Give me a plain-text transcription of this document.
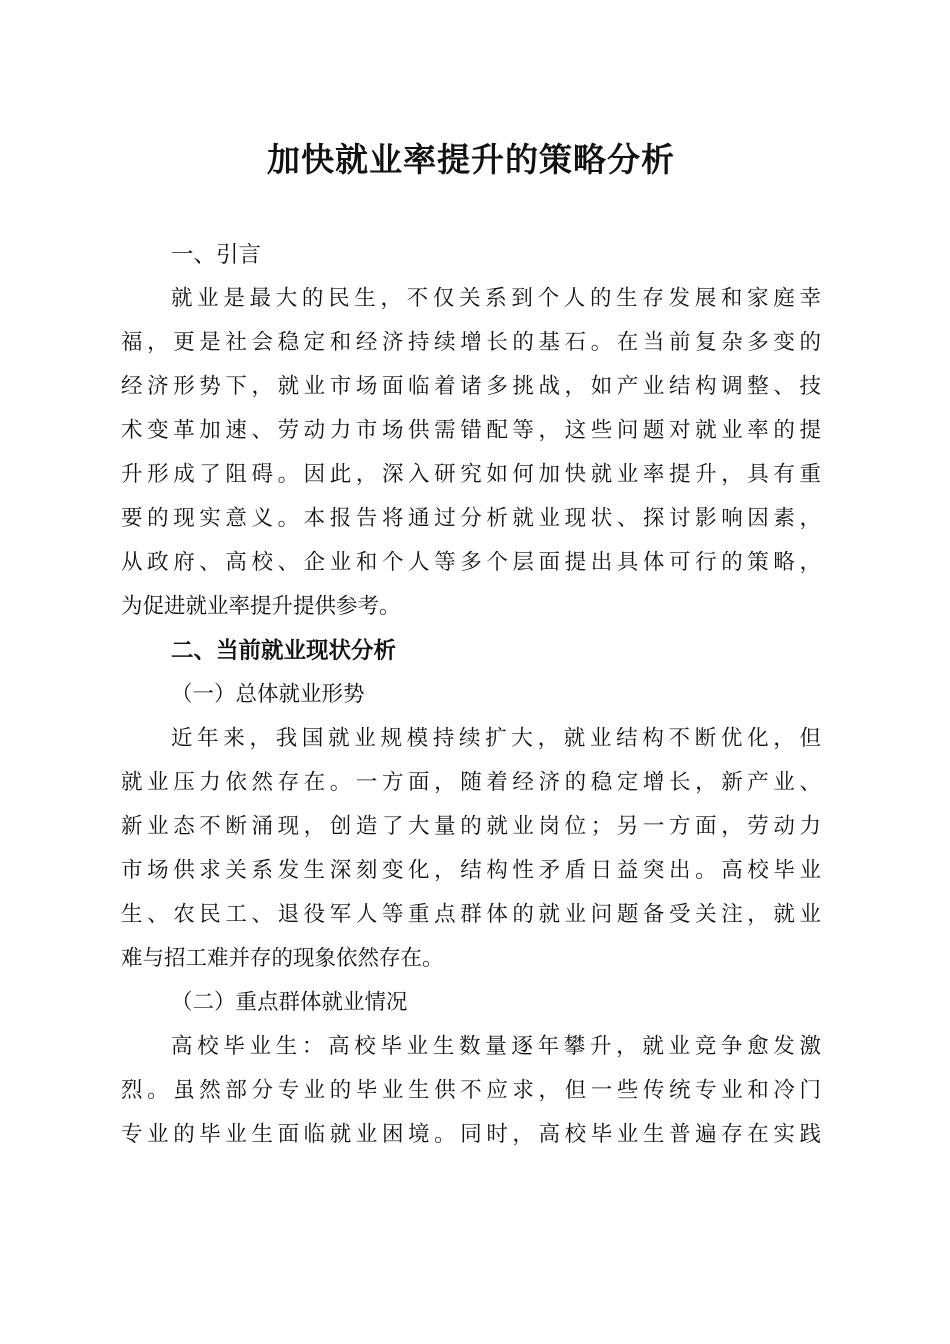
加快就业率提升的策略分析
一、引言

就业是最大的民生，不仅关系到个人的生存发展和家庭幸

福，更是社会稳定和经济持续增长的基石。在当前复杂多变的

经济形势下，就业市场面临着诸多挑战，如产业结构调整、技

术变革加速、劳动力市场供需错配等，这些问题对就业率的提

升形成了阻碍。因此，深入研究如何加快就业率提升，具有重

要的现实意义。本报告将通过分析就业现状、探讨影响因素，

从政府、高校、企业和个人等多个层面提出具体可行的策略，

为促进就业率提升提供参考。

二、当前就业现状分析
（一）总体就业形势

近年来，我国就业规模持续扩大，就业结构不断优化，但

就业压力依然存在。一方面，随着经济的稳定增长，新产业、

新业态不断涌现，创造了大量的就业岗位；另一方面，劳动力

市场供求关系发生深刻变化，结构性矛盾日益突出。高校毕业

生、农民工、退役军人等重点群体的就业问题备受关注，就业

难与招工难并存的现象依然存在。

（二）重点群体就业情况

高校毕业生：高校毕业生数量逐年攀升，就业竞争愈发激

烈。虽然部分专业的毕业生供不应求，但一些传统专业和冷门

专业的毕业生面临就业困境。同时，高校毕业生普遍存在实践
